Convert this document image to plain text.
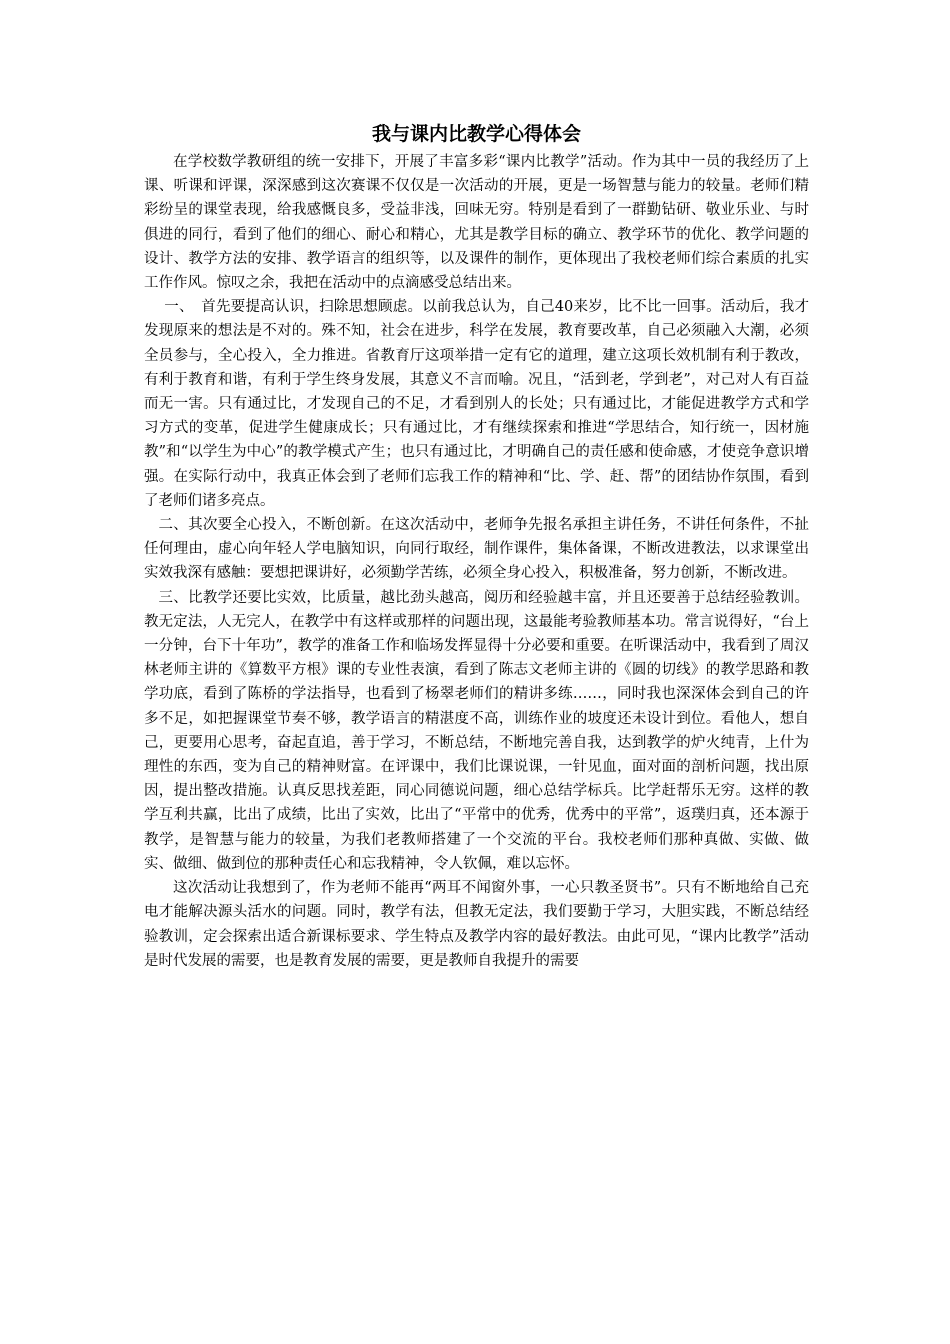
我与课内比教学心得体会

在学校数学教研组的统一安排下，开展了丰富多彩“课内比教学”活动。作为其中一员的我经历了上课、听课和评课，深深感到这次赛课不仅仅是一次活动的开展，更是一场智慧与能力的较量。老师们精彩纷呈的课堂表现，给我感慨良多，受益非浅，回味无穷。特别是看到了一群勤钻研、敬业乐业、与时俱进的同行，看到了他们的细心、耐心和精心，尤其是教学目标的确立、教学环节的优化、教学问题的设计、教学方法的安排、教学语言的组织等，以及课件的制作，更体现出了我校老师们综合素质的扎实工作作风。惊叹之余，我把在活动中的点滴感受总结出来。

一、　首先要提高认识，扫除思想顾虑。以前我总认为，自己40来岁，比不比一回事。活动后，我才发现原来的想法是不对的。殊不知，社会在进步，科学在发展，教育要改革，自己必须融入大潮，必须全员参与，全心投入，全力推进。省教育厅这项举措一定有它的道理，建立这项长效机制有利于教改，有利于教育和谐，有利于学生终身发展，其意义不言而喻。况且，“活到老，学到老”，对己对人有百益而无一害。只有通过比，才发现自己的不足，才看到别人的长处；只有通过比，才能促进教学方式和学习方式的变革，促进学生健康成长；只有通过比，才有继续探索和推进“学思结合，知行统一，因材施教”和“以学生为中心”的教学模式产生；也只有通过比，才明确自己的责任感和使命感，才使竞争意识增强。在实际行动中，我真正体会到了老师们忘我工作的精神和“比、学、赶、帮”的团结协作氛围，看到了老师们诸多亮点。

二、其次要全心投入，不断创新。在这次活动中，老师争先报名承担主讲任务，不讲任何条件，不扯任何理由，虚心向年轻人学电脑知识，向同行取经，制作课件，集体备课，不断改进教法，以求课堂出实效我深有感触：要想把课讲好，必须勤学苦练，必须全身心投入，积极准备，努力创新，不断改进。

三、比教学还要比实效，比质量，越比劲头越高，阅历和经验越丰富，并且还要善于总结经验教训。教无定法，人无完人，在教学中有这样或那样的问题出现，这最能考验教师基本功。常言说得好，“台上一分钟，台下十年功”，教学的准备工作和临场发挥显得十分必要和重要。在听课活动中，我看到了周汉林老师主讲的《算数平方根》课的专业性表演，看到了陈志文老师主讲的《圆的切线》的教学思路和教学功底，看到了陈桥的学法指导，也看到了杨翠老师们的精讲多练……，同时我也深深体会到自己的许多不足，如把握课堂节奏不够，教学语言的精湛度不高，训练作业的坡度还未设计到位。看他人，想自己，更要用心思考，奋起直追，善于学习，不断总结，不断地完善自我，达到教学的炉火纯青，上什为理性的东西，变为自己的精神财富。在评课中，我们比课说课，一针见血，面对面的剖析问题，找出原因，提出整改措施。认真反思找差距，同心同德说问题，细心总结学标兵。比学赶帮乐无穷。这样的教学互利共赢，比出了成绩，比出了实效，比出了“平常中的优秀，优秀中的平常”，返璞归真，还本源于教学，是智慧与能力的较量，为我们老教师搭建了一个交流的平台。我校老师们那种真做、实做、做实、做细、做到位的那种责任心和忘我精神，令人钦佩，难以忘怀。

这次活动让我想到了，作为老师不能再“两耳不闻窗外事，一心只教圣贤书”。只有不断地给自己充电才能解决源头活水的问题。同时，教学有法，但教无定法，我们要勤于学习，大胆实践，不断总结经验教训，定会探索出适合新课标要求、学生特点及教学内容的最好教法。由此可见，“课内比教学”活动是时代发展的需要，也是教育发展的需要，更是教师自我提升的需要
